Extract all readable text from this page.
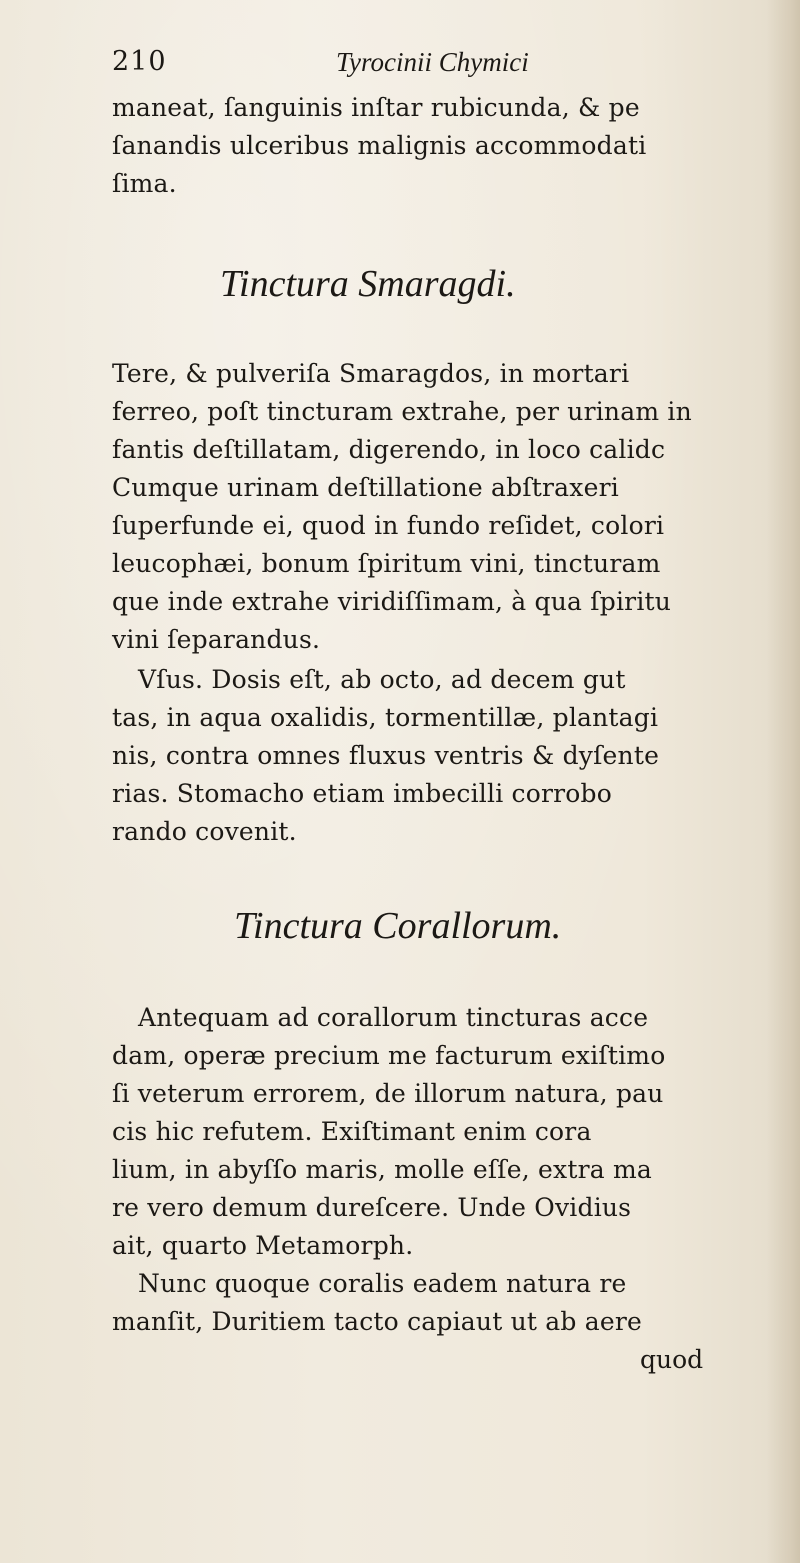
210	Tyrocinii Chymici
maneat, ſanguinis inſtar rubicunda, & pe
ſanandis ulceribus malignis accommodati
ſima.
Tinctura Smaragdi.
Tere, & pulveriſa Smaragdos, in mortari
ferreo, poſt tincturam extrahe, per urinam in
fantis deſtillatam, digerendo, in loco calidc
Cumque urinam deſtillatione abſtraxeri
ſuperfunde ei, quod in fundo reſidet, colori
leucophæi, bonum ſpiritum vini, tincturam
que inde extrahe viridiſſimam, à qua ſpiritu
vini ſeparandus.
Vſus. Dosis eſt, ab octo, ad decem gut
tas, in aqua oxalidis, tormentillæ, plantagi
nis, contra omnes fluxus ventris & dyſente
rias. Stomacho etiam imbecilli corrobo
rando covenit.
Tinctura Corallorum.
Antequam ad corallorum tincturas acce
dam, operæ precium me facturum exiſtimo
ſi veterum errorem, de illorum natura, pau
cis hic refutem. Exiſtimant enim cora
lium, in abyſſo maris, molle eſſe, extra ma
re vero demum dureſcere. Unde Ovidius
ait, quarto Metamorph.
Nunc quoque coralis eadem natura re
manſit, Duritiem tacto capiaut ut ab aere
quod
